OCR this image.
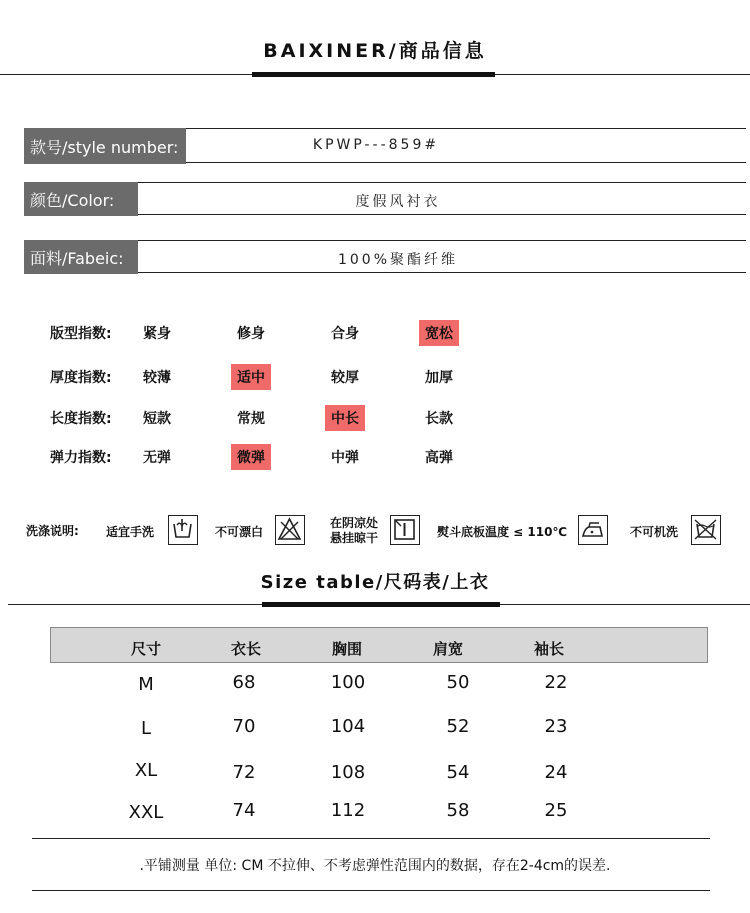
BAIXINER/商品信息
款号/style number:	KPWP---859#
颜色/Color:	度假风衬衣
面料/Fabeic:	100%聚酯纤维
版型指数:	紧身	修身	合身	宽松
厚度指数:	较薄	适中	较厚	加厚
长度指数:	短款	常规	中长	长款
弹力指数:	无弹	微弹	中弹	高弹
洗涤说明: 适宜手洗	不可漂白
在阴凉处
悬挂晾干	熨斗底板温度 ≤ 110℃	不可机洗
Size table/尺码表/上衣
尺寸	衣长	胸围	肩宽	袖长
M	68	100	50	22
L	70	104	52	23
XL	72	108	54	24
XXL	74	112	58	25
.平铺测量 单位: CM 不拉伸、不考虑弹性范围内的数据，存在2-4cm的误差.
